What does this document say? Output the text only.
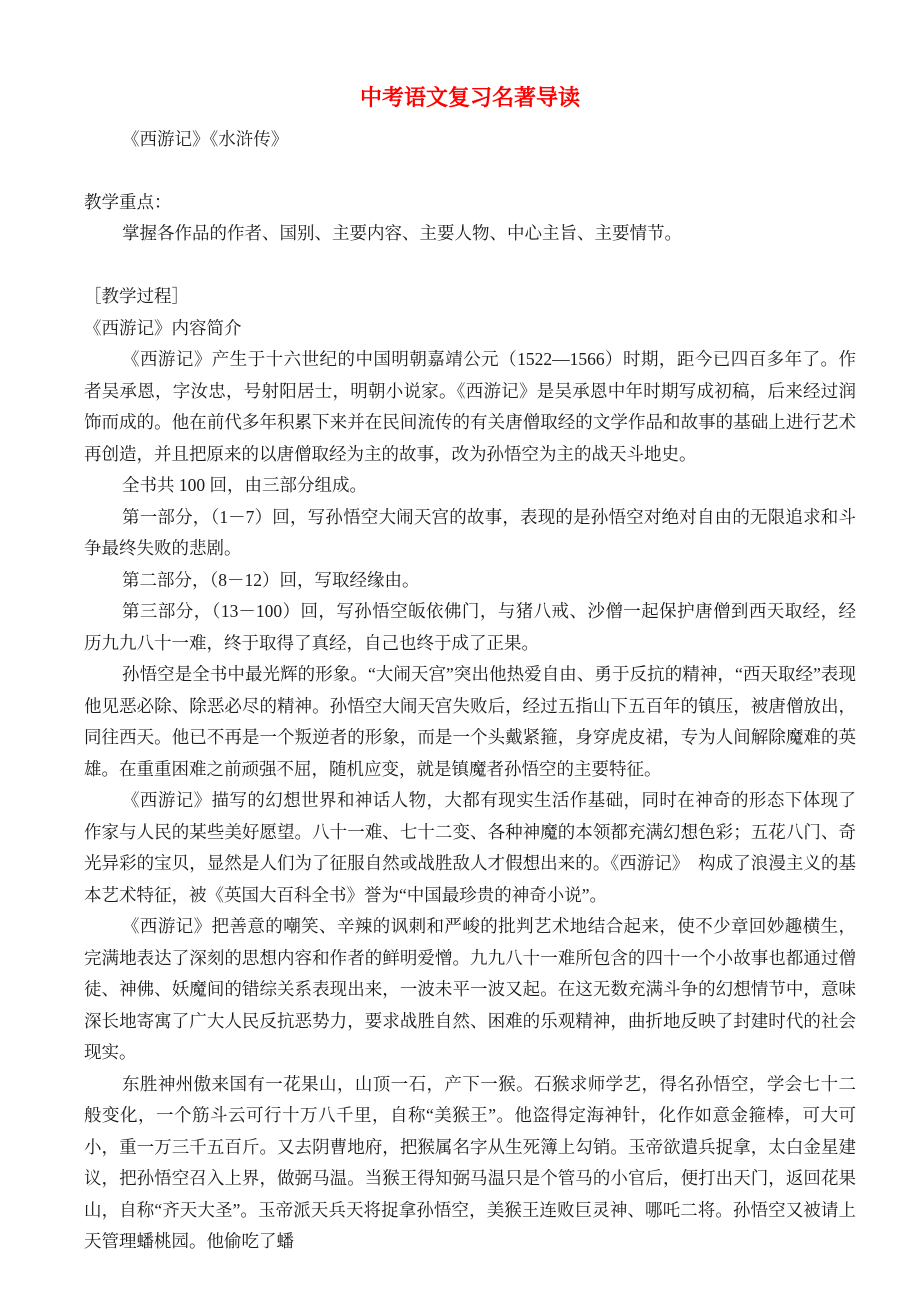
中考语文复习名著导读

《西游记》《水浒传》

教学重点：

掌握各作品的作者、国别、主要内容、主要人物、中心主旨、主要情节。

［教学过程］

《西游记》内容简介

《西游记》产生于十六世纪的中国明朝嘉靖公元（1522—1566）时期，距今已四百多年了。作者吴承恩，字汝忠，号射阳居士，明朝小说家。《西游记》是吴承恩中年时期写成初稿，后来经过润饰而成的。他在前代多年积累下来并在民间流传的有关唐僧取经的文学作品和故事的基础上进行艺术再创造，并且把原来的以唐僧取经为主的故事，改为孙悟空为主的战天斗地史。

全书共 100 回，由三部分组成。

第一部分，（1－7）回，写孙悟空大闹天宫的故事，表现的是孙悟空对绝对自由的无限追求和斗争最终失败的悲剧。

第二部分，（8－12）回，写取经缘由。

第三部分，（13－100）回，写孙悟空皈依佛门，与猪八戒、沙僧一起保护唐僧到西天取经，经历九九八十一难，终于取得了真经，自己也终于成了正果。

孙悟空是全书中最光辉的形象。“大闹天宫”突出他热爱自由、勇于反抗的精神，“西天取经”表现他见恶必除、除恶必尽的精神。孙悟空大闹天宫失败后，经过五指山下五百年的镇压，被唐僧放出，同往西天。他已不再是一个叛逆者的形象，而是一个头戴紧箍，身穿虎皮裙，专为人间解除魔难的英雄。在重重困难之前顽强不屈，随机应变，就是镇魔者孙悟空的主要特征。

《西游记》描写的幻想世界和神话人物，大都有现实生活作基础，同时在神奇的形态下体现了作家与人民的某些美好愿望。八十一难、七十二变、各种神魔的本领都充满幻想色彩；五花八门、奇光异彩的宝贝，显然是人们为了征服自然或战胜敌人才假想出来的。《西游记》　构成了浪漫主义的基本艺术特征，被《英国大百科全书》誉为“中国最珍贵的神奇小说”。

《西游记》把善意的嘲笑、辛辣的讽刺和严峻的批判艺术地结合起来，使不少章回妙趣横生，完满地表达了深刻的思想内容和作者的鲜明爱憎。九九八十一难所包含的四十一个小故事也都通过僧徒、神佛、妖魔间的错综关系表现出来，一波未平一波又起。在这无数充满斗争的幻想情节中，意味深长地寄寓了广大人民反抗恶势力，要求战胜自然、困难的乐观精神，曲折地反映了封建时代的社会现实。

东胜神州傲来国有一花果山，山顶一石，产下一猴。石猴求师学艺，得名孙悟空，学会七十二般变化，一个筋斗云可行十万八千里，自称“美猴王”。他盗得定海神针，化作如意金箍棒，可大可小，重一万三千五百斤。又去阴曹地府，把猴属名字从生死簿上勾销。玉帝欲遣兵捉拿，太白金星建议，把孙悟空召入上界，做弼马温。当猴王得知弼马温只是个管马的小官后，便打出天门，返回花果山，自称“齐天大圣”。玉帝派天兵天将捉拿孙悟空，美猴王连败巨灵神、哪吒二将。孙悟空又被请上天管理蟠桃园。他偷吃了蟠
